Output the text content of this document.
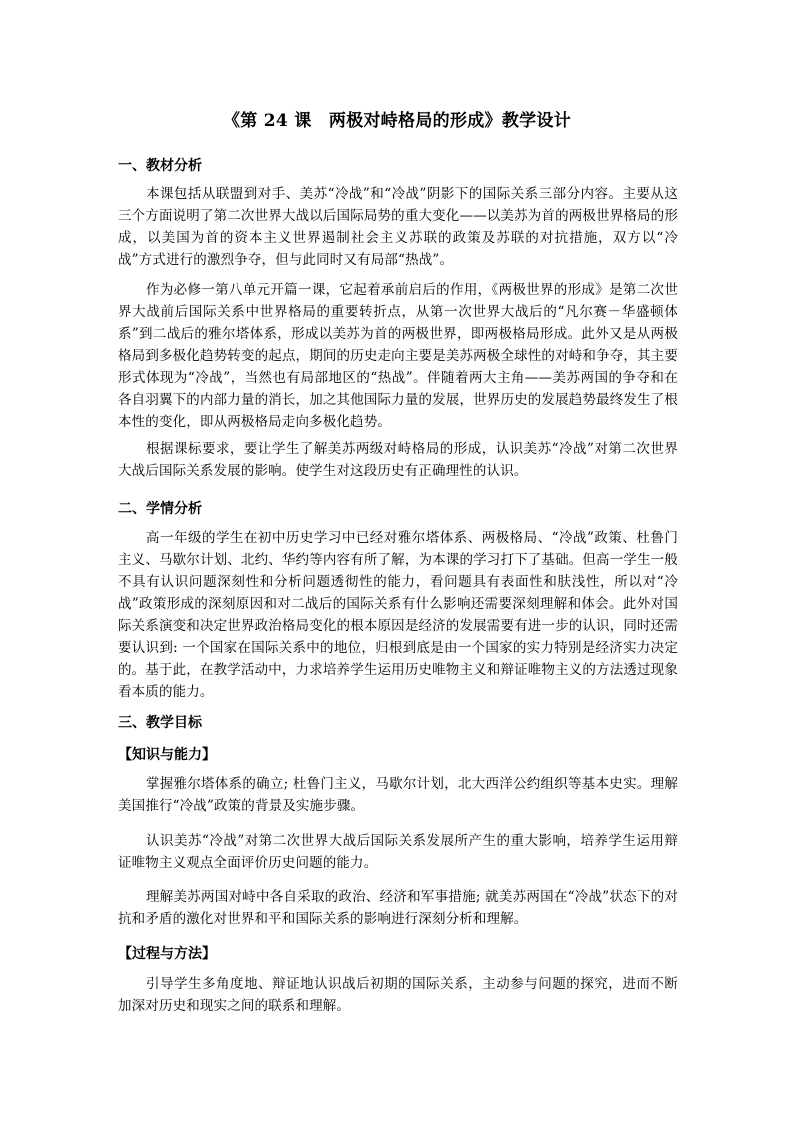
《第 24 课　两极对峙格局的形成》教学设计
一、教材分析
本课包括从联盟到对手、美苏“冷战”和“冷战”阴影下的国际关系三部分内容。主要从这三个方面说明了第二次世界大战以后国际局势的重大变化——以美苏为首的两极世界格局的形成，以美国为首的资本主义世界遏制社会主义苏联的政策及苏联的对抗措施，双方以“冷战”方式进行的激烈争夺，但与此同时又有局部“热战”。
作为必修一第八单元开篇一课，它起着承前启后的作用，《两极世界的形成》是第二次世界大战前后国际关系中世界格局的重要转折点，从第一次世界大战后的“凡尔赛－华盛顿体系”到二战后的雅尔塔体系，形成以美苏为首的两极世界，即两极格局形成。此外又是从两极格局到多极化趋势转变的起点，期间的历史走向主要是美苏两极全球性的对峙和争夺，其主要形式体现为“冷战”，当然也有局部地区的“热战”。伴随着两大主角——美苏两国的争夺和在各自羽翼下的内部力量的消长，加之其他国际力量的发展，世界历史的发展趋势最终发生了根本性的变化，即从两极格局走向多极化趋势。
根据课标要求，要让学生了解美苏两级对峙格局的形成，认识美苏“冷战”对第二次世界大战后国际关系发展的影响。使学生对这段历史有正确理性的认识。
二、学情分析
高一年级的学生在初中历史学习中已经对雅尔塔体系、两极格局、“冷战”政策、杜鲁门主义、马歇尔计划、北约、华约等内容有所了解，为本课的学习打下了基础。但高一学生一般不具有认识问题深刻性和分析问题透彻性的能力，看问题具有表面性和肤浅性，所以对“冷战”政策形成的深刻原因和对二战后的国际关系有什么影响还需要深刻理解和体会。此外对国际关系演变和决定世界政治格局变化的根本原因是经济的发展需要有进一步的认识，同时还需要认识到: 一个国家在国际关系中的地位，归根到底是由一个国家的实力特别是经济实力决定的。基于此，在教学活动中，力求培养学生运用历史唯物主义和辩证唯物主义的方法透过现象看本质的能力。
三、教学目标
【知识与能力】
掌握雅尔塔体系的确立; 杜鲁门主义，马歇尔计划，北大西洋公约组织等基本史实。理解美国推行“冷战”政策的背景及实施步骤。
认识美苏“冷战”对第二次世界大战后国际关系发展所产生的重大影响，培养学生运用辩证唯物主义观点全面评价历史问题的能力。
理解美苏两国对峙中各自采取的政治、经济和军事措施; 就美苏两国在“冷战”状态下的对抗和矛盾的激化对世界和平和国际关系的影响进行深刻分析和理解。
【过程与方法】
引导学生多角度地、辩证地认识战后初期的国际关系，主动参与问题的探究，进而不断加深对历史和现实之间的联系和理解。
